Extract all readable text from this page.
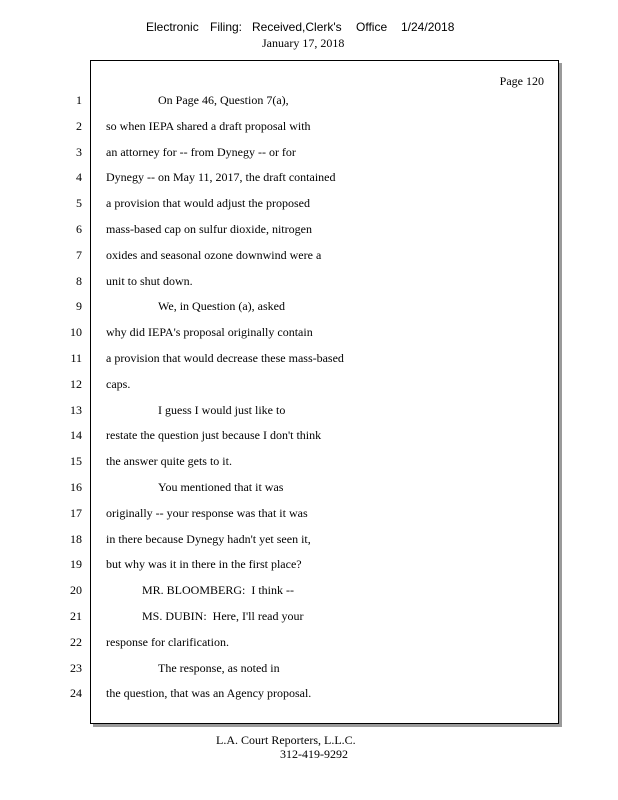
Electronic Filing: Received,Clerk's Office 1/24/2018
January 17, 2018
Page 120
1
2
3
4
5
6
7
8
9
10
11
12
13
14
15
16
17
18
19
20
21
22
23
24
On Page 46, Question 7(a),
so when IEPA shared a draft proposal with
an attorney for -- from Dynegy -- or for
Dynegy -- on May 11, 2017, the draft contained
a provision that would adjust the proposed
mass-based cap on sulfur dioxide, nitrogen
oxides and seasonal ozone downwind were a
unit to shut down.
We, in Question (a), asked
why did IEPA's proposal originally contain
a provision that would decrease these mass-based
caps.
I guess I would just like to
restate the question just because I don't think
the answer quite gets to it.
You mentioned that it was
originally -- your response was that it was
in there because Dynegy hadn't yet seen it,
but why was it in there in the first place?
MR. BLOOMBERG:  I think --
MS. DUBIN:  Here, I'll read your
response for clarification.
The response, as noted in
the question, that was an Agency proposal.
L.A. Court Reporters, L.L.C.
312-419-9292
